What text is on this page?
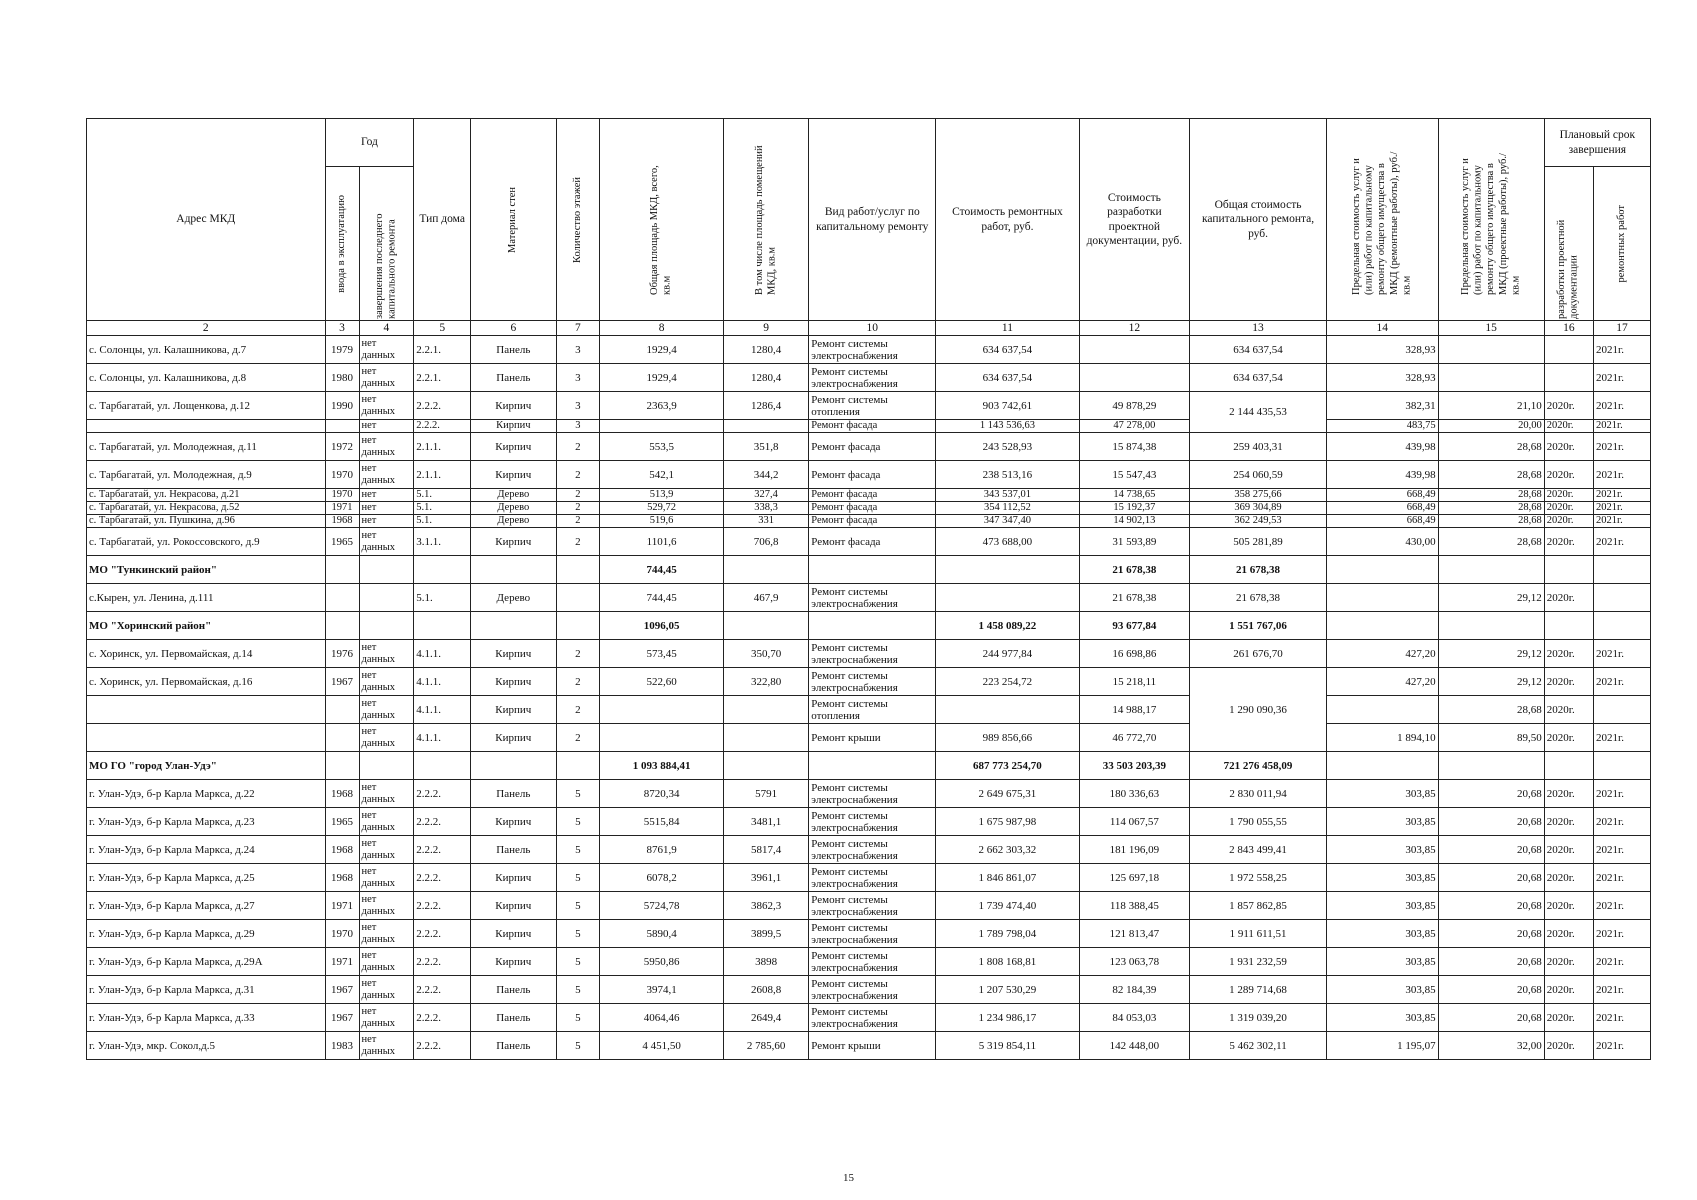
Адрес МКД	Год		Тип дома	Материал стен	Количество этажей	Общая площадь МКД, всего, кв.м	В том числе площадь помещений МКД, кв.м	Вид работ/услуг по капитальному ремонту	Стоимость ремонтных работ, руб.	Стоимость разработки проектной документации, руб.	Общая стоимость капитального ремонта, руб.	Предельная стоимость услуг и (или) работ по капитальному ремонту общего имущества в МКД (ремонтные работы), руб./кв.м	Предельная стоимость услуг и (или) работ по капитальному ремонту общего имущества в МКД (проектные работы), руб./кв.м	Плановый срок завершения	

	ввода в эксплуатацию	завершения последнего капитального ремонта												разработки проектной документации	ремонтных работ

2	3	4	5	6	7	8	9	10	11	12	13	14	15	16	17
с. Солонцы, ул. Калашникова, д.7	1979	нет данных	2.2.1.	Панель	3	1929,4	1280,4	Ремонт системы электроснабжения	634 637,54		634 637,54	328,93			2021г.
с. Солонцы, ул. Калашникова, д.8	1980	нет данных	2.2.1.	Панель	3	1929,4	1280,4	Ремонт системы электроснабжения	634 637,54		634 637,54	328,93			2021г.
с. Тарбагатай, ул. Лощенкова, д.12	1990	нет данных	2.2.2.	Кирпич	3	2363,9	1286,4	Ремонт системы отопления	903 742,61	49 878,29	2 144 435,53	382,31	21,10	2020г.	2021г.
		нет	2.2.2.	Кирпич	3			Ремонт фасада	1 143 536,63	47 278,00		483,75	20,00	2020г.	2021г.
с. Тарбагатай, ул. Молодежная, д.11	1972	нет данных	2.1.1.	Кирпич	2	553,5	351,8	Ремонт фасада	243 528,93	15 874,38	259 403,31	439,98	28,68	2020г.	2021г.
с. Тарбагатай, ул. Молодежная, д.9	1970	нет данных	2.1.1.	Кирпич	2	542,1	344,2	Ремонт фасада	238 513,16	15 547,43	254 060,59	439,98	28,68	2020г.	2021г.
с. Тарбагатай, ул. Некрасова, д.21	1970	нет	5.1.	Дерево	2	513,9	327,4	Ремонт фасада	343 537,01	14 738,65	358 275,66	668,49	28,68	2020г.	2021г.
с. Тарбагатай, ул. Некрасова, д.52	1971	нет	5.1.	Дерево	2	529,72	338,3	Ремонт фасада	354 112,52	15 192,37	369 304,89	668,49	28,68	2020г.	2021г.
с. Тарбагатай, ул. Пушкина, д.96	1968	нет	5.1.	Дерево	2	519,6	331	Ремонт фасада	347 347,40	14 902,13	362 249,53	668,49	28,68	2020г.	2021г.
с. Тарбагатай, ул. Рокоссовского, д.9	1965	нет данных	3.1.1.	Кирпич	2	1101,6	706,8	Ремонт фасада	473 688,00	31 593,89	505 281,89	430,00	28,68	2020г.	2021г.
МО "Тункинский район"						744,45				21 678,38	21 678,38				
с.Кырен, ул. Ленина, д.111			5.1.	Дерево		744,45	467,9	Ремонт системы электроснабжения		21 678,38	21 678,38		29,12	2020г.	
МО "Хоринский район"						1096,05			1 458 089,22	93 677,84	1 551 767,06				
с. Хоринск, ул. Первомайская, д.14	1976	нет данных	4.1.1.	Кирпич	2	573,45	350,70	Ремонт системы электроснабжения	244 977,84	16 698,86	261 676,70	427,20	29,12	2020г.	2021г.
с. Хоринск, ул. Первомайская, д.16	1967	нет данных	4.1.1.	Кирпич	2	522,60	322,80	Ремонт системы электроснабжения	223 254,72	15 218,11	1 290 090,36	427,20	29,12	2020г.	2021г.
		нет данных	4.1.1.	Кирпич	2			Ремонт системы отопления		14 988,17			28,68	2020г.	
		нет данных	4.1.1.	Кирпич	2			Ремонт крыши	989 856,66	46 772,70		1 894,10	89,50	2020г.	2021г.
МО ГО "город Улан-Удэ"						1 093 884,41			687 773 254,70	33 503 203,39	721 276 458,09				
г. Улан-Удэ, б-р Карла Маркса, д.22	1968	нет данных	2.2.2.	Панель	5	8720,34	5791	Ремонт системы электроснабжения	2 649 675,31	180 336,63	2 830 011,94	303,85	20,68	2020г.	2021г.
г. Улан-Удэ, б-р Карла Маркса, д.23	1965	нет данных	2.2.2.	Кирпич	5	5515,84	3481,1	Ремонт системы электроснабжения	1 675 987,98	114 067,57	1 790 055,55	303,85	20,68	2020г.	2021г.
г. Улан-Удэ, б-р Карла Маркса, д.24	1968	нет данных	2.2.2.	Панель	5	8761,9	5817,4	Ремонт системы электроснабжения	2 662 303,32	181 196,09	2 843 499,41	303,85	20,68	2020г.	2021г.
г. Улан-Удэ, б-р Карла Маркса, д.25	1968	нет данных	2.2.2.	Кирпич	5	6078,2	3961,1	Ремонт системы электроснабжения	1 846 861,07	125 697,18	1 972 558,25	303,85	20,68	2020г.	2021г.
г. Улан-Удэ, б-р Карла Маркса, д.27	1971	нет данных	2.2.2.	Кирпич	5	5724,78	3862,3	Ремонт системы электроснабжения	1 739 474,40	118 388,45	1 857 862,85	303,85	20,68	2020г.	2021г.
г. Улан-Удэ, б-р Карла Маркса, д.29	1970	нет данных	2.2.2.	Кирпич	5	5890,4	3899,5	Ремонт системы электроснабжения	1 789 798,04	121 813,47	1 911 611,51	303,85	20,68	2020г.	2021г.
г. Улан-Удэ, б-р Карла Маркса, д.29А	1971	нет данных	2.2.2.	Кирпич	5	5950,86	3898	Ремонт системы электроснабжения	1 808 168,81	123 063,78	1 931 232,59	303,85	20,68	2020г.	2021г.
г. Улан-Удэ, б-р Карла Маркса, д.31	1967	нет данных	2.2.2.	Панель	5	3974,1	2608,8	Ремонт системы электроснабжения	1 207 530,29	82 184,39	1 289 714,68	303,85	20,68	2020г.	2021г.
г. Улан-Удэ, б-р Карла Маркса, д.33	1967	нет данных	2.2.2.	Панель	5	4064,46	2649,4	Ремонт системы электроснабжения	1 234 986,17	84 053,03	1 319 039,20	303,85	20,68	2020г.	2021г.
г. Улан-Удэ, мкр. Сокол,д.5	1983	нет данных	2.2.2.	Панель	5	4 451,50	2 785,60	Ремонт крыши	5 319 854,11	142 448,00	5 462 302,11	1 195,07	32,00	2020г.	2021г.
15
